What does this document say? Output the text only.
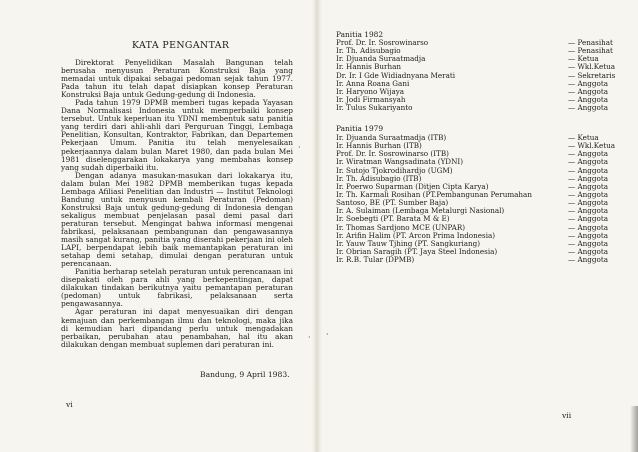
KATA PENGANTAR

Direktorat Penyelidikan Masalah Bangunan telah berusaha menyusun Peraturan Konstruksi Baja yang memadai untuk dipakai sebagai pedoman sejak tahun 1977. Pada tahun itu telah dapat disiapkan konsep Peraturan Konstruksi Baja untuk Gedung-gedung di Indonesia.

Pada tahun 1979 DPMB memberi tugas kepada Yayasan Dana Normalisasi Indonesia untuk memperbaiki konsep tersebut. Untuk keperluan itu YDNI membentuk satu panitia yang terdiri dari ahli-ahli dari Perguruan Tinggi, Lembaga Penelitian, Konsultan, Kontraktor, Fabrikan, dan Departemen Pekerjaan Umum. Panitia itu telah menyelesaikan pekerjaannya dalam bulan Maret 1980, dan pada bulan Mei 1981 diselenggarakan lokakarya yang membahas konsep yang sudah diperbaiki itu.

Dengan adanya masukan-masukan dari lokakarya itu, dalam bulan Mei 1982 DPMB memberikan tugas kepada Lembaga Afiliasi Penelitian dan Industri — Institut Teknologi Bandung untuk menyusun kembali Peraturan (Pedoman) Konstruksi Baja untuk gedung-gedung di Indonesia dengan sekaligus membuat penjelasan pasal demi pasal dari peraturan tersebut. Mengingat bahwa informasi mengenai fabrikasi, pelaksanaan pembangunan dan pengawasannya masih sangat kurang, panitia yang diserahi pekerjaan ini oleh LAPI, berpendapat lebih baik memantapkan peraturan ini setahap demi setahap, dimulai dengan peraturan untuk perencanaan.

Panitia berharap setelah peraturan untuk perencanaan ini disepakati oleh para ahli yang berkepentingan, dapat dilakukan tindakan berikutnya yaitu pemantapan peraturan (pedoman) untuk fabrikasi, pelaksanaan serta pengawasannya.

Agar peraturan ini dapat menyesuaikan diri dengan kemajuan dan perkembangan ilmu dan teknologi, maka jika di kemudian hari dipandang perlu untuk mengadakan perbaikan, perubahan atau penambahan, hal itu akan dilakukan dengan membuat suplemen dari peraturan ini.

Bandung, 9 April 1983.
vi
Panitia 1982
Prof. Dr. Ir. Sosrowinarso	— Penasihat
Ir. Th. Adisubagio	— Penasihat
Ir. Djuanda Suraatmadja	— Ketua
Ir. Hannis Burhan	— Wkl.Ketua
Dr. Ir. I Gde Widiadnyana Merati	— Sekretaris
Ir. Anna Roana Gani	— Anggota
Ir. Haryono Wijaya	— Anggota
Ir. Jodi Firmansyah	— Anggota
Ir. Tulus Sukariyanto	— Anggota
Panitia 1979
Ir. Djuanda Suraatmadja (ITB)	— Ketua
Ir. Hannis Burhan (ITB)	— Wkl.Ketua
Prof. Dr. Ir. Sosrowinarso (ITB)	— Anggota
Ir. Wiratman Wangsadinata (YDNI)	— Anggota
Ir. Sutojo Tjokrodihardjo (UGM)	— Anggota
Ir. Th. Adisubagio (ITB)	— Anggota
Ir. Poerwo Suparman (Ditjen Cipta Karya)	— Anggota
Ir. Th. Karmali Rosihan (PT.Pembangunan Perumahan	— Anggota
Santoso, BE (PT. Sumber Baja)	— Anggota
Ir. A. Sulaiman (Lembaga Metalurgi Nasional)	— Anggota
Ir. Soebegti (PT. Barata M & E)	— Anggota
Ir. Thomas Sardjono MCE (UNPAR)	— Anggota
Ir. Arifin Halim (PT. Arcon Prima Indonesia)	— Anggota
Ir. Yauw Tauw Tjhing (PT. Sangkuriang)	— Anggota
Ir. Obrian Saragih (PT. Jaya Steel Indonesia)	— Anggota
Ir. R.B. Tular (DPMB)	— Anggota
vii
·
· ·
